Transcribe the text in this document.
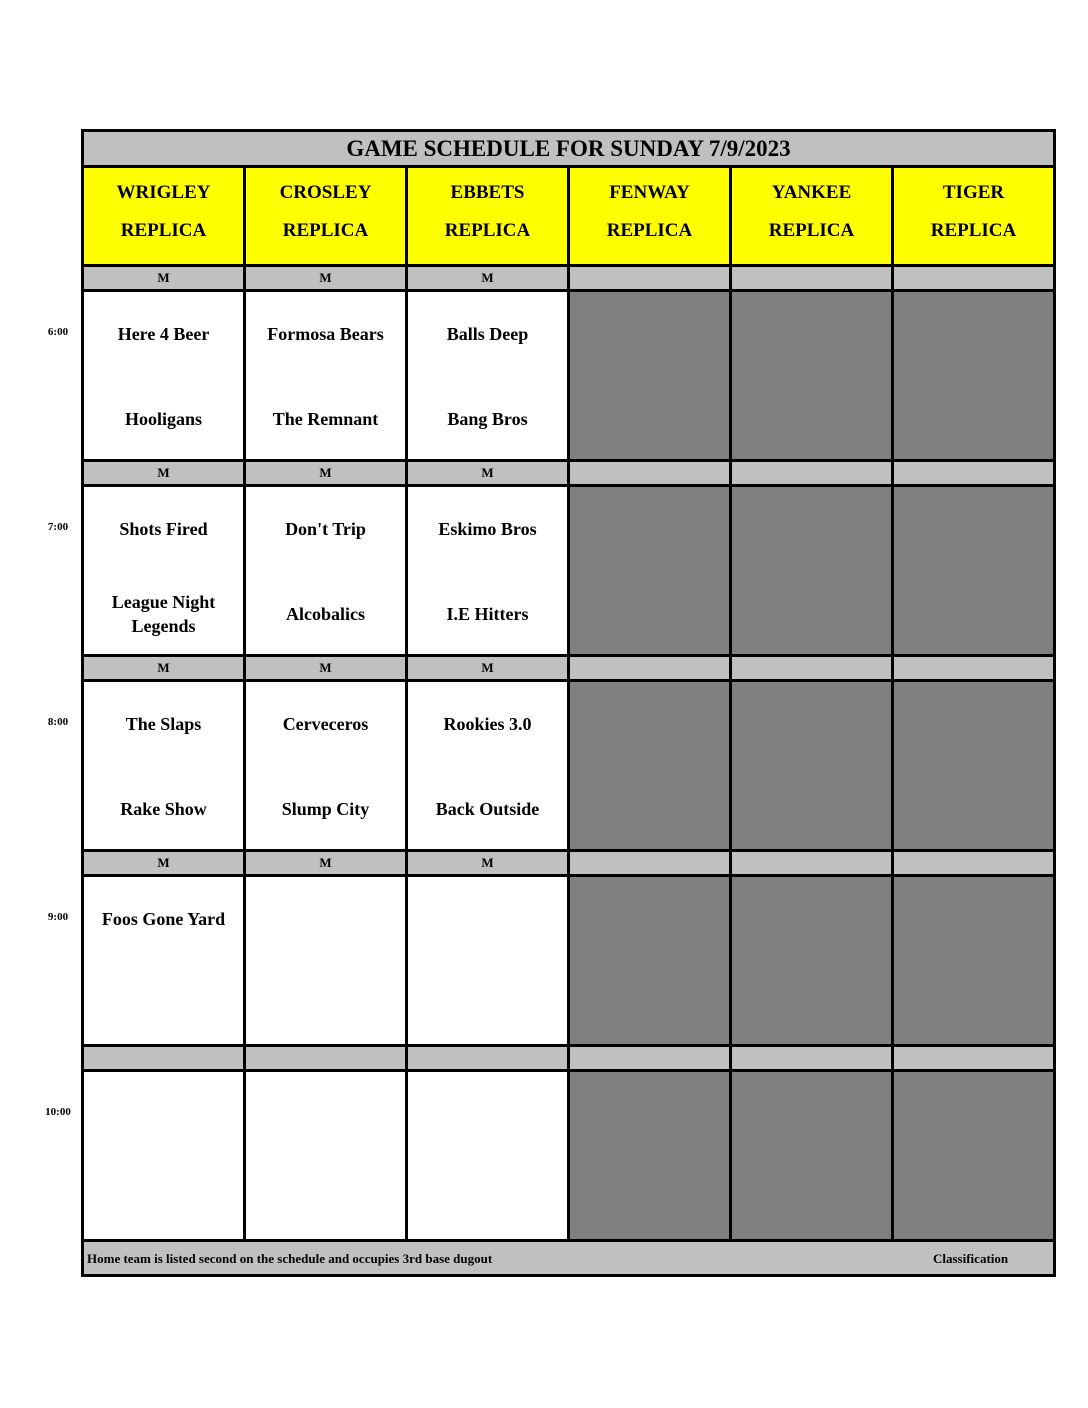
GAME SCHEDULE FOR SUNDAY 7/9/2023
WRIGLEY
REPLICA
CROSLEY
REPLICA
EBBETS
REPLICA
FENWAY
REPLICA
YANKEE
REPLICA
TIGER
REPLICA
M
Here 4 Beer
Hooligans
M
Formosa Bears
The Remnant
M
Balls Deep
Bang Bros
M
Shots Fired
League Night Legends
M
Don't Trip
Alcobalics
M
Eskimo Bros
I.E Hitters
M
The Slaps
Rake Show
M
Cerveceros
Slump City
M
Rookies 3.0
Back Outside
M
Foos Gone Yard
M	M
Home team is listed second on the schedule and occupies 3rd base dugout	Classification
6:00
7:00
8:00
9:00
10:00
